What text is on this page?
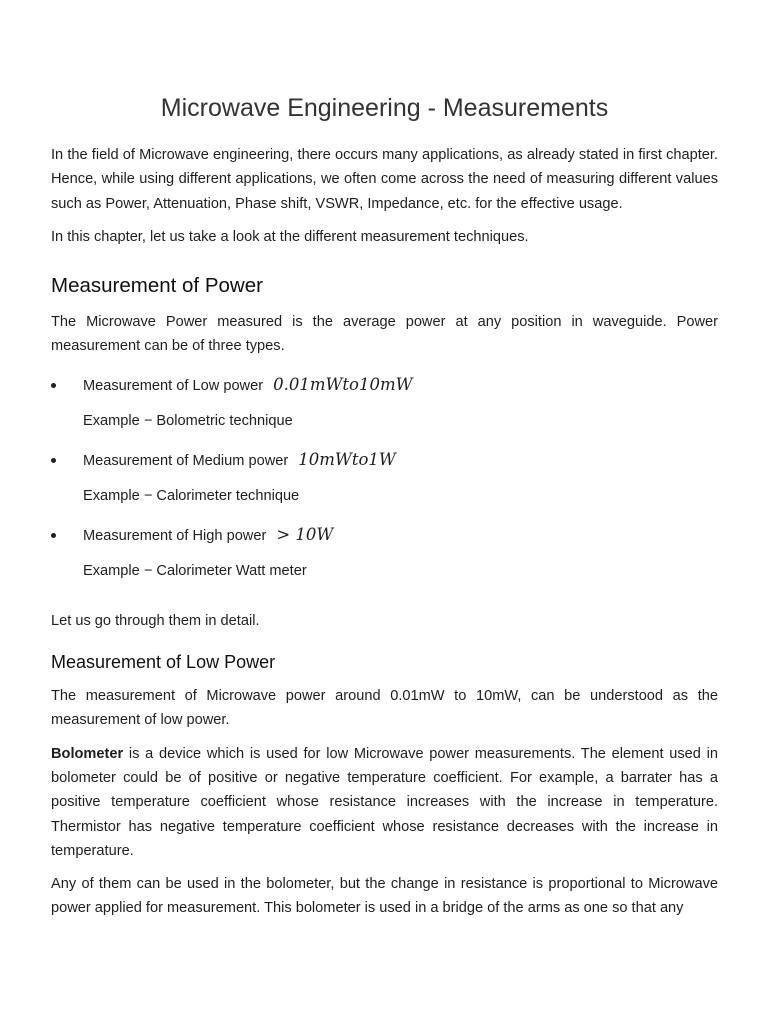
Microwave Engineering - Measurements

In the field of Microwave engineering, there occurs many applications, as already stated in first chapter. Hence, while using different applications, we often come across the need of measuring different values such as Power, Attenuation, Phase shift, VSWR, Impedance, etc. for the effective usage.

In this chapter, let us take a look at the different measurement techniques.

Measurement of Power

The Microwave Power measured is the average power at any position in waveguide. Power measurement can be of three types.

Measurement of Low power 0.01mWto10mW
Example − Bolometric technique
Measurement of Medium power 10mWto1W
Example − Calorimeter technique
Measurement of High power > 10W
Example − Calorimeter Watt meter

Let us go through them in detail.

Measurement of Low Power

The measurement of Microwave power around 0.01mW to 10mW, can be understood as the measurement of low power.

Bolometer is a device which is used for low Microwave power measurements. The element used in bolometer could be of positive or negative temperature coefficient. For example, a barrater has a positive temperature coefficient whose resistance increases with the increase in temperature. Thermistor has negative temperature coefficient whose resistance decreases with the increase in temperature.

Any of them can be used in the bolometer, but the change in resistance is proportional to Microwave power applied for measurement. This bolometer is used in a bridge of the arms as one so that any
